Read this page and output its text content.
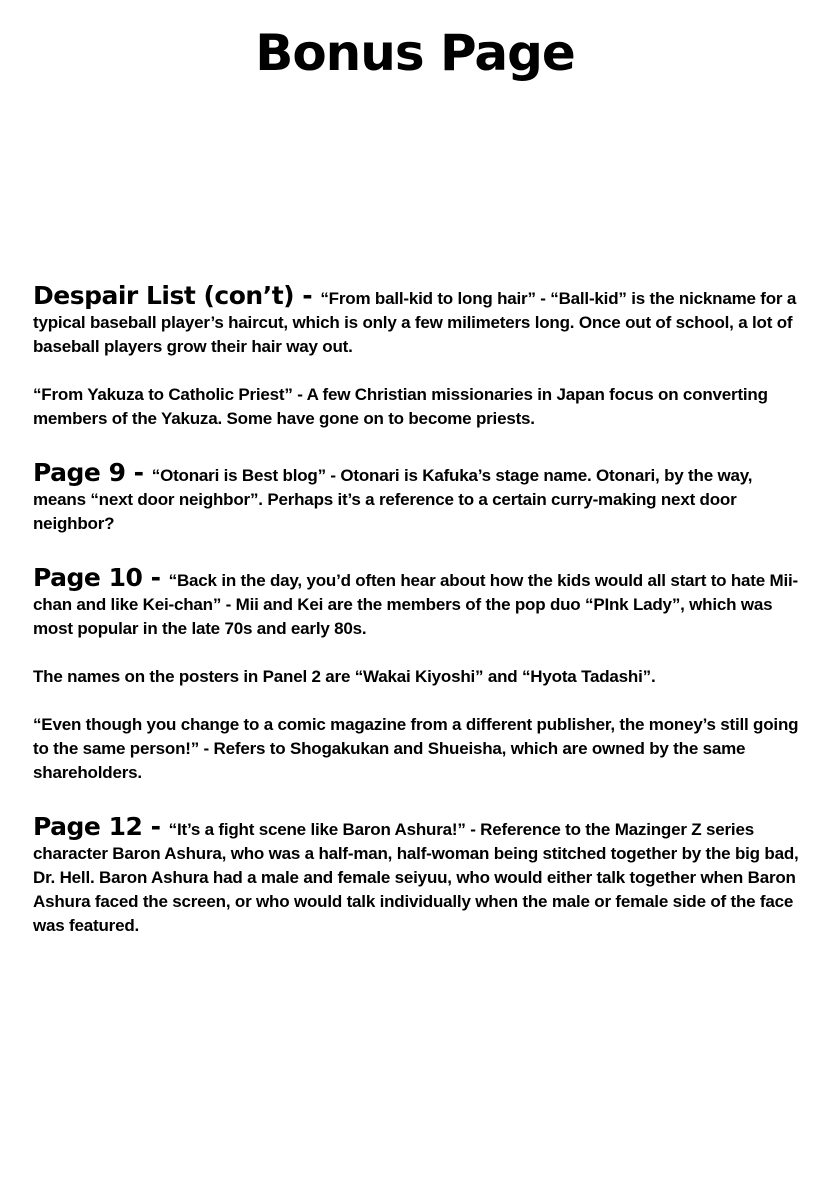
Bonus Page

Despair List (con’t) - “From ball-kid to long hair” - “Ball-kid” is the nickname for a typical baseball player’s haircut, which is only a few milimeters long. Once out of school, a lot of baseball players grow their hair way out.

“From Yakuza to Catholic Priest” - A few Christian missionaries in Japan focus on converting members of the Yakuza. Some have gone on to become priests.

Page 9 - “Otonari is Best blog” - Otonari is Kafuka’s stage name. Otonari, by the way, means “next door neighbor”. Perhaps it’s a reference to a certain curry-making next door neighbor?

Page 10 - “Back in the day, you’d often hear about how the kids would all start to hate Mii-chan and like Kei-chan” - Mii and Kei are the members of the pop duo “PInk Lady”, which was most popular in the late 70s and early 80s.

The names on the posters in Panel 2 are “Wakai Kiyoshi” and “Hyota Tadashi”.

“Even though you change to a comic magazine from a different publisher, the money’s still going to the same person!” - Refers to Shogakukan and Shueisha, which are owned by the same shareholders.

Page 12 - “It’s a fight scene like Baron Ashura!” - Reference to the Mazinger Z series character Baron Ashura, who was a half-man, half-woman being stitched together by the big bad, Dr. Hell. Baron Ashura had a male and female seiyuu, who would either talk together when Baron Ashura faced the screen, or who would talk individually when the male or female side of the face was featured.
